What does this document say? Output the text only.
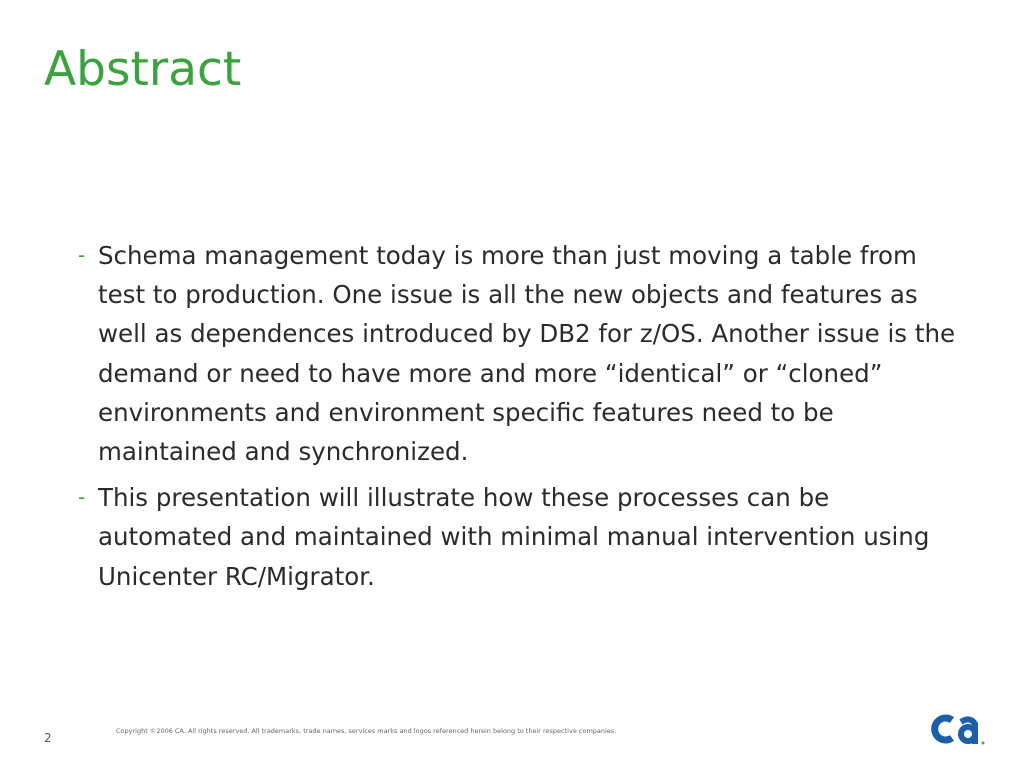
Abstract
- Schema management today is more than just moving a table from test to production. One issue is all the new objects and features as well as dependences introduced by DB2 for z/OS. Another issue is the demand or need to have more and more “identical” or “cloned” environments and environment specific features need to be maintained and synchronized.
- This presentation will illustrate how these processes can be automated and maintained with minimal manual intervention using Unicenter RC/Migrator.
2	Copyright ©2006 CA. All rights reserved. All trademarks, trade names, services marks and logos referenced herein belong to their respective companies.
